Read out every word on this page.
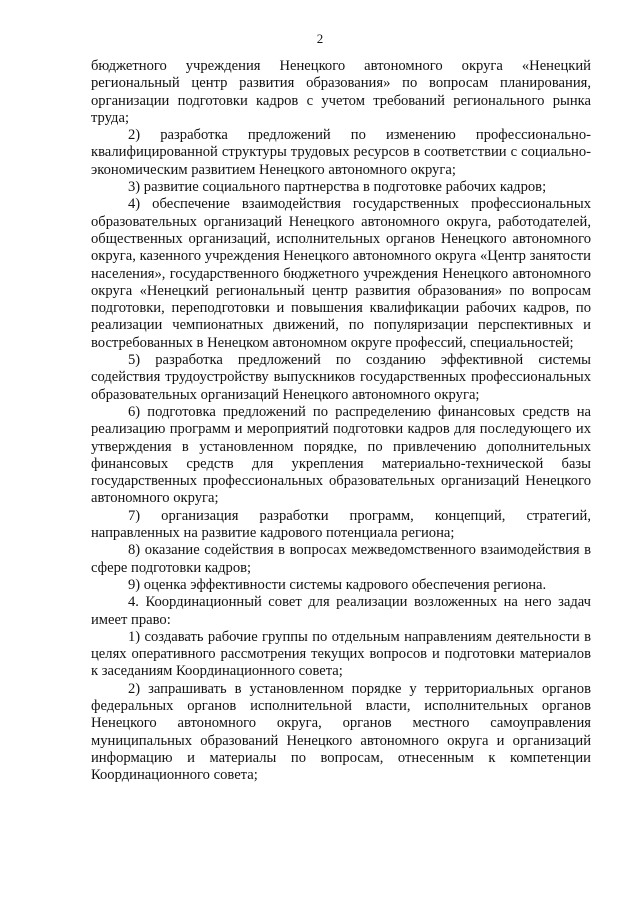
2

бюджетного учреждения Ненецкого автономного округа «Ненецкий региональный центр развития образования» по вопросам планирования, организации подготовки кадров с учетом требований регионального рынка труда;

2) разработка предложений по изменению профессионально-квалифицированной структуры трудовых ресурсов в соответствии с социально-экономическим развитием Ненецкого автономного округа;

3) развитие социального партнерства в подготовке рабочих кадров;

4) обеспечение взаимодействия государственных профессиональных образовательных организаций Ненецкого автономного округа, работодателей, общественных организаций, исполнительных органов Ненецкого автономного округа, казенного учреждения Ненецкого автономного округа «Центр занятости населения», государственного бюджетного учреждения Ненецкого автономного округа «Ненецкий региональный центр развития образования» по вопросам подготовки, переподготовки и повышения квалификации рабочих кадров, по реализации чемпионатных движений, по популяризации перспективных и востребованных в Ненецком автономном округе профессий, специальностей;

5) разработка предложений по созданию эффективной системы содействия трудоустройству выпускников государственных профессиональных образовательных организаций Ненецкого автономного округа;

6) подготовка предложений по распределению финансовых средств на реализацию программ и мероприятий подготовки кадров для последующего их утверждения в установленном порядке, по привлечению дополнительных финансовых средств для укрепления материально-технической базы государственных профессиональных образовательных организаций Ненецкого автономного округа;

7) организация разработки программ, концепций, стратегий, направленных на развитие кадрового потенциала региона;

8) оказание содействия в вопросах межведомственного взаимодействия в сфере подготовки кадров;

9) оценка эффективности системы кадрового обеспечения региона.

4. Координационный совет для реализации возложенных на него задач имеет право:

1) создавать рабочие группы по отдельным направлениям деятельности в целях оперативного рассмотрения текущих вопросов и подготовки материалов к заседаниям Координационного совета;

2) запрашивать в установленном порядке у территориальных органов федеральных органов исполнительной власти, исполнительных органов Ненецкого автономного округа, органов местного самоуправления муниципальных образований Ненецкого автономного округа и организаций информацию и материалы по вопросам, отнесенным к компетенции Координационного совета;
